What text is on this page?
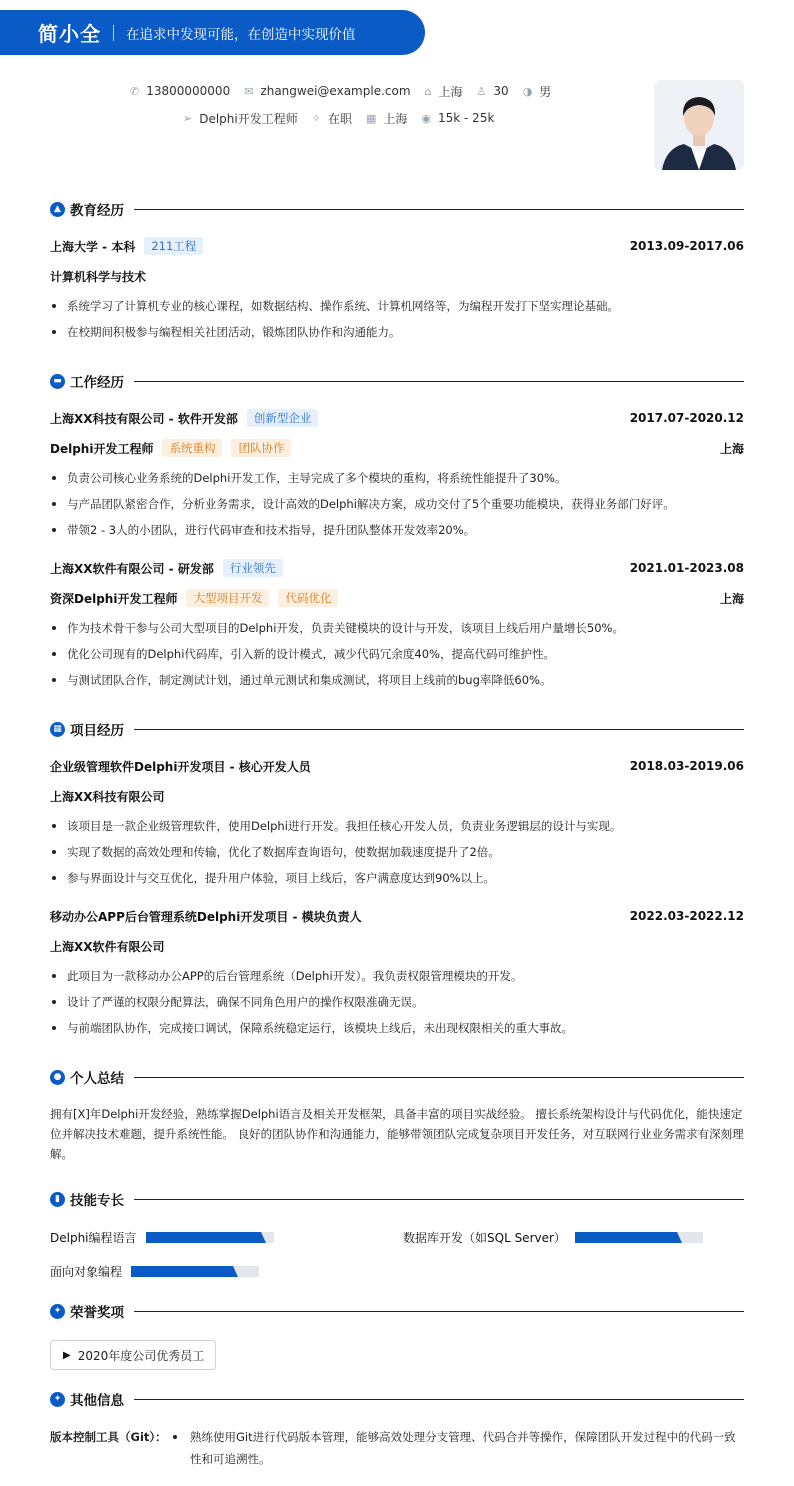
简小全 在追求中发现可能，在创造中实现价值
✆ 13800000000 ✉ zhangwei@example.com ⌂ 上海 ♙ 30 ◑ 男
➢ Delphi开发工程师 ✧ 在职 ▦ 上海 ◉ 15k - 25k
▲ 教育经历
上海大学 - 本科	211工程	2013.09-2017.06
计算机科学与技术
系统学习了计算机专业的核心课程，如数据结构、操作系统、计算机网络等，为编程开发打下坚实理论基础。
在校期间积极参与编程相关社团活动，锻炼团队协作和沟通能力。
▬ 工作经历
上海XX科技有限公司 - 软件开发部	创新型企业	2017.07-2020.12
Delphi开发工程师	系统重构	团队协作	上海
负责公司核心业务系统的Delphi开发工作，主导完成了多个模块的重构，将系统性能提升了30%。
与产品团队紧密合作，分析业务需求，设计高效的Delphi解决方案，成功交付了5个重要功能模块，获得业务部门好评。
带领2 - 3人的小团队，进行代码审查和技术指导，提升团队整体开发效率20%。
上海XX软件有限公司 - 研发部	行业领先	2021.01-2023.08
资深Delphi开发工程师	大型项目开发	代码优化	上海
作为技术骨干参与公司大型项目的Delphi开发，负责关键模块的设计与开发，该项目上线后用户量增长50%。
优化公司现有的Delphi代码库，引入新的设计模式，减少代码冗余度40%，提高代码可维护性。
与测试团队合作，制定测试计划，通过单元测试和集成测试，将项目上线前的bug率降低60%。
▦ 项目经历
企业级管理软件Delphi开发项目 - 核心开发人员	2018.03-2019.06
上海XX科技有限公司
该项目是一款企业级管理软件，使用Delphi进行开发。我担任核心开发人员，负责业务逻辑层的设计与实现。
实现了数据的高效处理和传输，优化了数据库查询语句，使数据加载速度提升了2倍。
参与界面设计与交互优化，提升用户体验，项目上线后，客户满意度达到90%以上。
移动办公APP后台管理系统Delphi开发项目 - 模块负责人	2022.03-2022.12
上海XX软件有限公司
此项目为一款移动办公APP的后台管理系统（Delphi开发）。我负责权限管理模块的开发。
设计了严谨的权限分配算法，确保不同角色用户的操作权限准确无误。
与前端团队协作，完成接口调试，保障系统稳定运行，该模块上线后，未出现权限相关的重大事故。
● 个人总结
拥有[X]年Delphi开发经验，熟练掌握Delphi语言及相关开发框架，具备丰富的项目实战经验。 擅长系统架构设计与代码优化，能快速定位并解决技术难题，提升系统性能。 良好的团队协作和沟通能力，能够带领团队完成复杂项目开发任务，对互联网行业业务需求有深刻理解。
▮ 技能专长
Delphi编程语言	数据库开发（如SQL Server）
面向对象编程
✦ 荣誉奖项
▶ 2020年度公司优秀员工
✦ 其他信息
版本控制工具（Git）：	熟练使用Git进行代码版本管理，能够高效处理分支管理、代码合并等操作，保障团队开发过程中的代码一致性和可追溯性。
